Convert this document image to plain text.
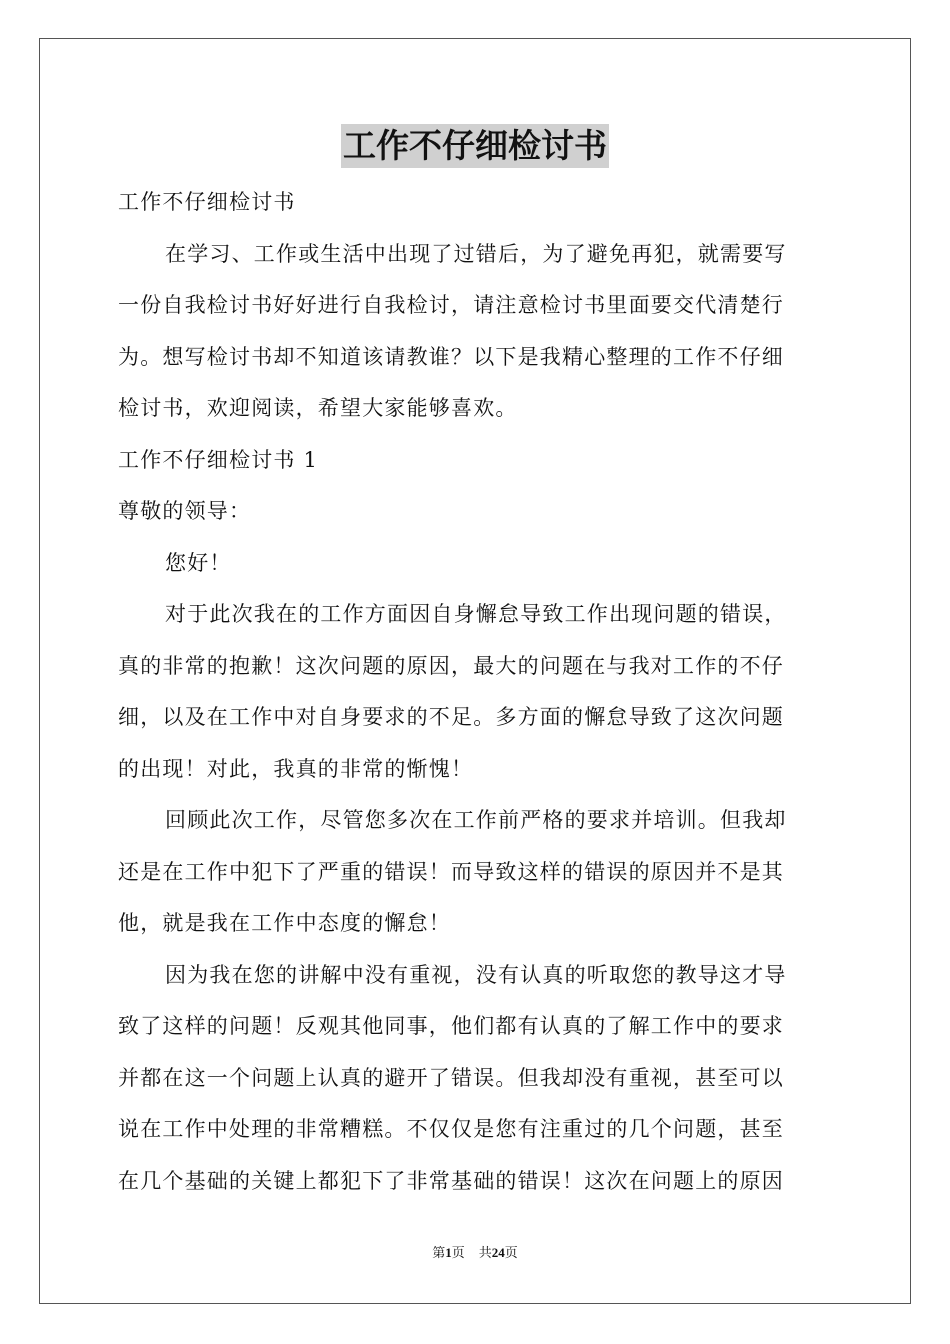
工作不仔细检讨书
工作不仔细检讨书
在学习、工作或生活中出现了过错后，为了避免再犯，就需要写
一份自我检讨书好好进行自我检讨，请注意检讨书里面要交代清楚行
为。想写检讨书却不知道该请教谁？以下是我精心整理的工作不仔细
检讨书，欢迎阅读，希望大家能够喜欢。
工作不仔细检讨书 1
尊敬的领导：
您好！
对于此次我在的工作方面因自身懈怠导致工作出现问题的错误，
真的非常的抱歉！这次问题的原因，最大的问题在与我对工作的不仔
细，以及在工作中对自身要求的不足。多方面的懈怠导致了这次问题
的出现！对此，我真的非常的惭愧！
回顾此次工作，尽管您多次在工作前严格的要求并培训。但我却
还是在工作中犯下了严重的错误！而导致这样的错误的原因并不是其
他，就是我在工作中态度的懈怠！
因为我在您的讲解中没有重视，没有认真的听取您的教导这才导
致了这样的问题！反观其他同事，他们都有认真的了解工作中的要求
并都在这一个问题上认真的避开了错误。但我却没有重视，甚至可以
说在工作中处理的非常糟糕。不仅仅是您有注重过的几个问题，甚至
在几个基础的关键上都犯下了非常基础的错误！这次在问题上的原因
第1页 共24页
